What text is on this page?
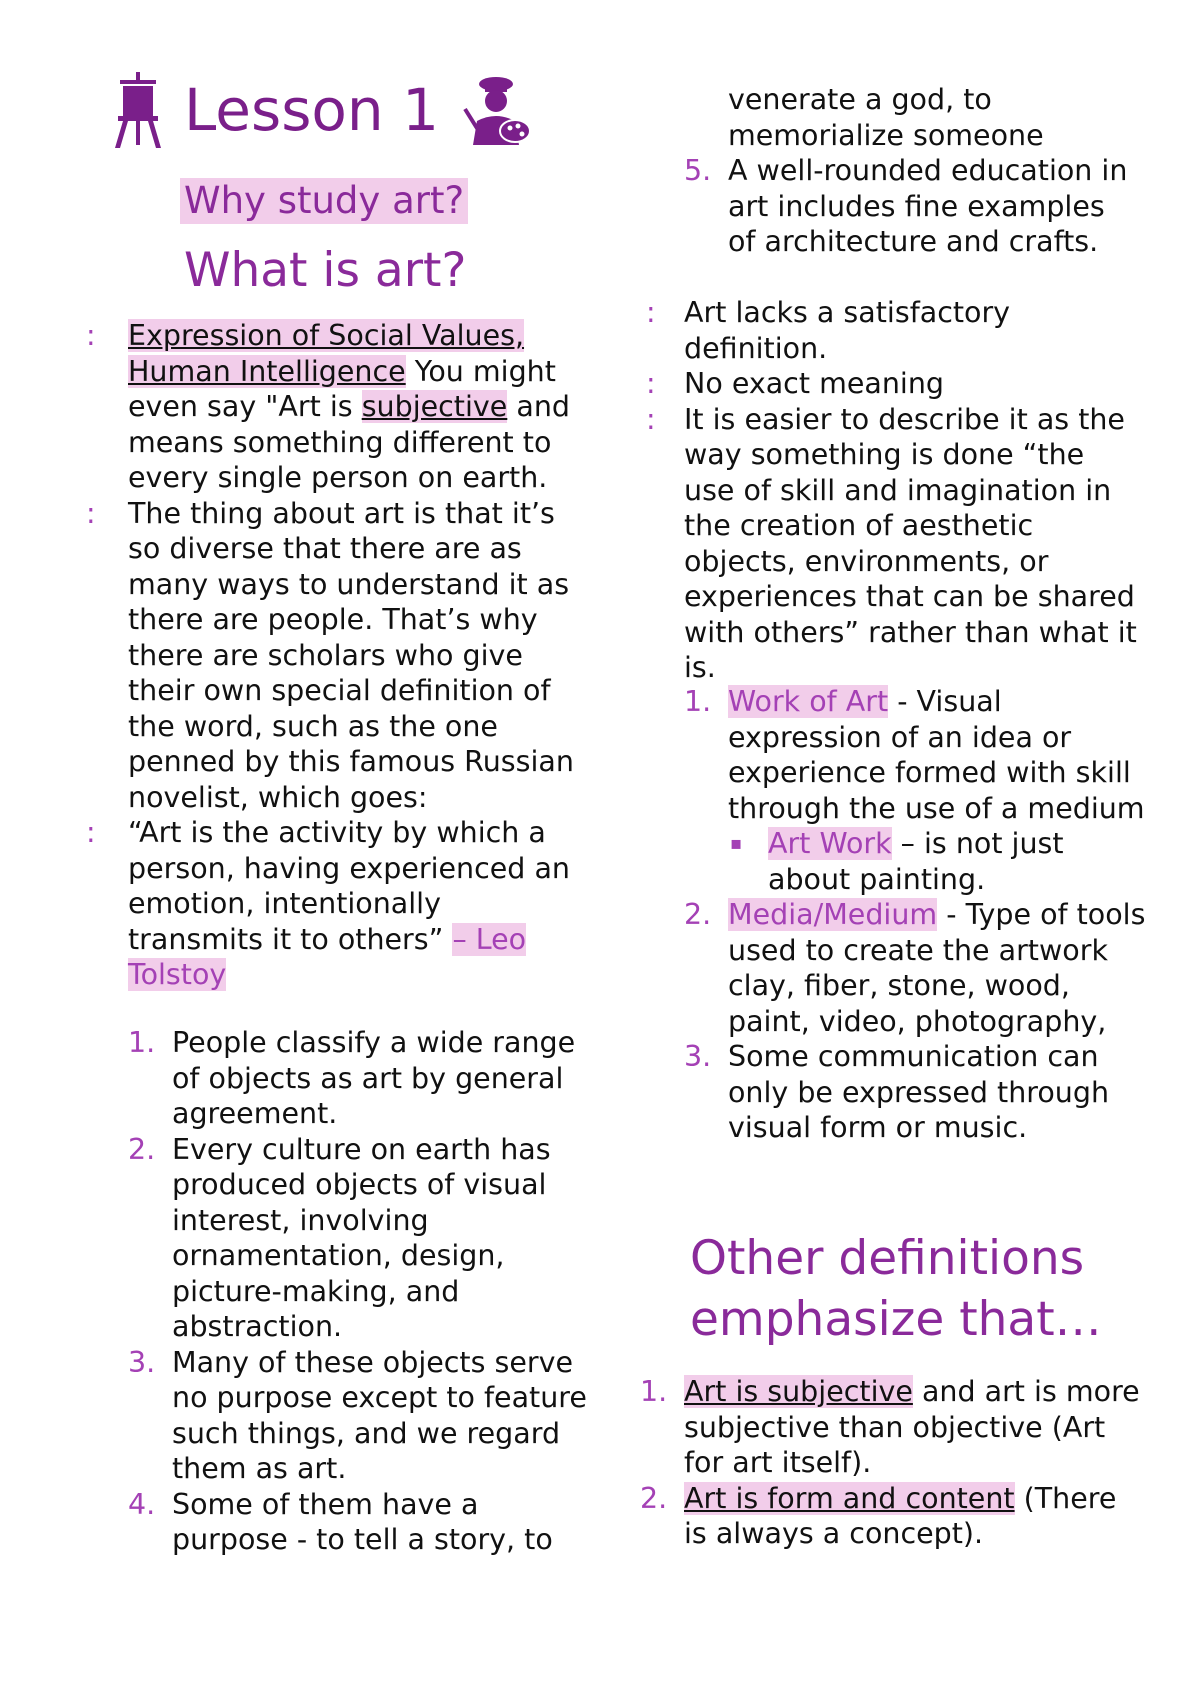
Lesson 1
Why study art?
What is art?
: Expression of Social Values, Human Intelligence You might even say "Art is subjective and means something different to every single person on earth.
: The thing about art is that it’s so diverse that there are as many ways to understand it as there are people. That’s why there are scholars who give their own special definition of the word, such as the one penned by this famous Russian novelist, which goes:
: “Art is the activity by which a person, having experienced an emotion, intentionally transmits it to others” – Leo Tolstoy
1. People classify a wide range of objects as art by general agreement.
2. Every culture on earth has produced objects of visual interest, involving ornamentation, design, picture-making, and abstraction.
3. Many of these objects serve no purpose except to feature such things, and we regard them as art.
4. Some of them have a purpose - to tell a story, to
venerate a god, to memorialize someone
5. A well-rounded education in art includes fine examples of architecture and crafts.
: Art lacks a satisfactory definition.
: No exact meaning
: It is easier to describe it as the way something is done “the use of skill and imagination in the creation of aesthetic objects, environments, or experiences that can be shared with others” rather than what it is.
1. Work of Art - Visual expression of an idea or experience formed with skill through the use of a medium
▪ Art Work – is not just about painting.
2. Media/Medium - Type of tools used to create the artwork clay, fiber, stone, wood, paint, video, photography,
3. Some communication can only be expressed through visual form or music.
Other definitions emphasize that…
1. Art is subjective and art is more subjective than objective (Art for art itself).
2. Art is form and content (There is always a concept).
